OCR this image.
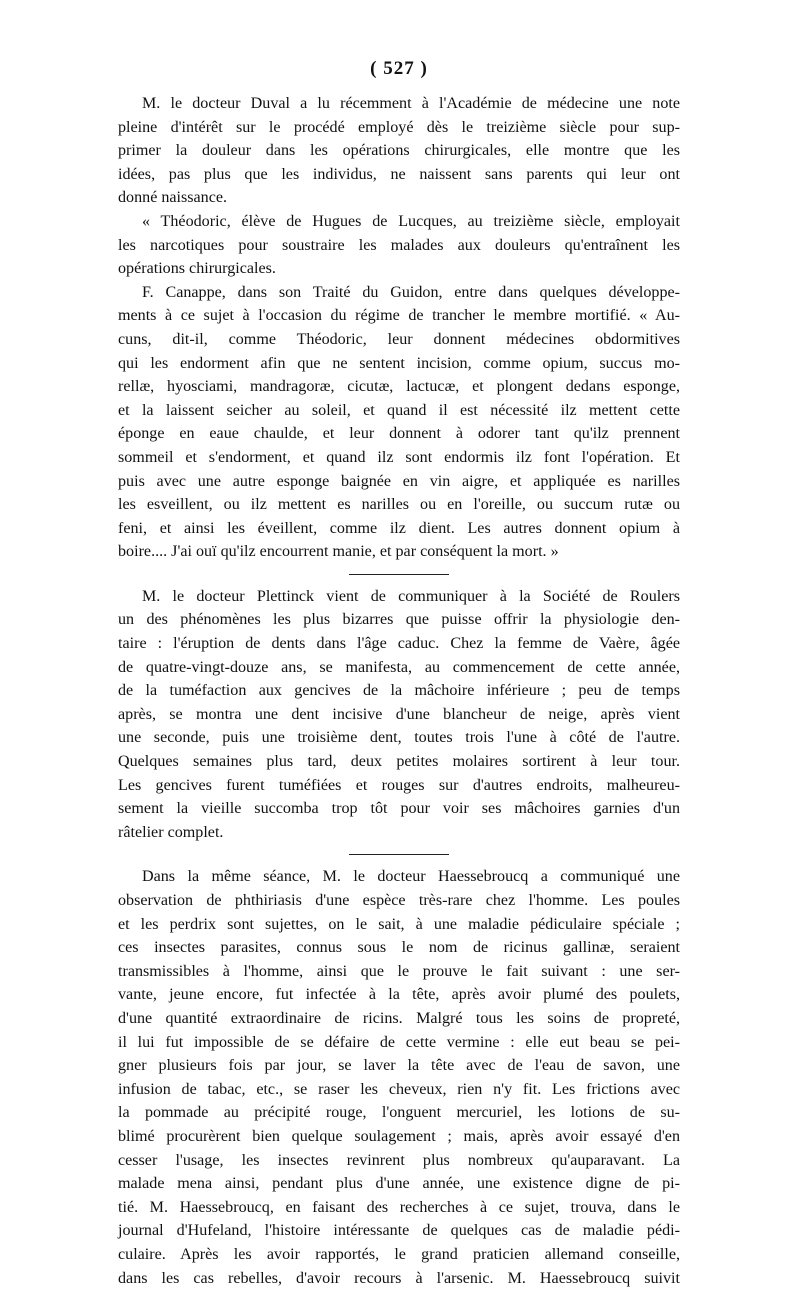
( 527 )

M. le docteur Duval a lu récemment à l'Académie de médecine une note
pleine d'intérêt sur le procédé employé dès le treizième siècle pour sup-
primer la douleur dans les opérations chirurgicales, elle montre que les
idées, pas plus que les individus, ne naissent sans parents qui leur ont
donné naissance.

« Théodoric, élève de Hugues de Lucques, au treizième siècle, employait
les narcotiques pour soustraire les malades aux douleurs qu'entraînent les
opérations chirurgicales.

F. Canappe, dans son Traité du Guidon, entre dans quelques développe-
ments à ce sujet à l'occasion du régime de trancher le membre mortifié. « Au-
cuns, dit-il, comme Théodoric, leur donnent médecines obdormitives
qui les endorment afin que ne sentent incision, comme opium, succus mo-
rellæ, hyosciami, mandragoræ, cicutæ, lactucæ, et plongent dedans esponge,
et la laissent seicher au soleil, et quand il est nécessité ilz mettent cette
éponge en eaue chaulde, et leur donnent à odorer tant qu'ilz prennent
sommeil et s'endorment, et quand ilz sont endormis ilz font l'opération. Et
puis avec une autre esponge baignée en vin aigre, et appliquée es narilles
les esveillent, ou ilz mettent es narilles ou en l'oreille, ou succum rutæ ou
feni, et ainsi les éveillent, comme ilz dient. Les autres donnent opium à
boire.... J'ai ouï qu'ilz encourrent manie, et par conséquent la mort. »

M. le docteur Plettinck vient de communiquer à la Société de Roulers
un des phénomènes les plus bizarres que puisse offrir la physiologie den-
taire : l'éruption de dents dans l'âge caduc. Chez la femme de Vaère, âgée
de quatre-vingt-douze ans, se manifesta, au commencement de cette année,
de la tuméfaction aux gencives de la mâchoire inférieure ; peu de temps
après, se montra une dent incisive d'une blancheur de neige, après vient
une seconde, puis une troisième dent, toutes trois l'une à côté de l'autre.
Quelques semaines plus tard, deux petites molaires sortirent à leur tour.
Les gencives furent tuméfiées et rouges sur d'autres endroits, malheureu-
sement la vieille succomba trop tôt pour voir ses mâchoires garnies d'un
râtelier complet.

Dans la même séance, M. le docteur Haessebroucq a communiqué une
observation de phthiriasis d'une espèce très-rare chez l'homme. Les poules
et les perdrix sont sujettes, on le sait, à une maladie pédiculaire spéciale ;
ces insectes parasites, connus sous le nom de ricinus gallinæ, seraient
transmissibles à l'homme, ainsi que le prouve le fait suivant : une ser-
vante, jeune encore, fut infectée à la tête, après avoir plumé des poulets,
d'une quantité extraordinaire de ricins. Malgré tous les soins de propreté,
il lui fut impossible de se défaire de cette vermine : elle eut beau se pei-
gner plusieurs fois par jour, se laver la tête avec de l'eau de savon, une
infusion de tabac, etc., se raser les cheveux, rien n'y fit. Les frictions avec
la pommade au précipité rouge, l'onguent mercuriel, les lotions de su-
blimé procurèrent bien quelque soulagement ; mais, après avoir essayé d'en
cesser l'usage, les insectes revinrent plus nombreux qu'auparavant. La
malade mena ainsi, pendant plus d'une année, une existence digne de pi-
tié. M. Haessebroucq, en faisant des recherches à ce sujet, trouva, dans le
journal d'Hufeland, l'histoire intéressante de quelques cas de maladie pédi-
culaire. Après les avoir rapportés, le grand praticien allemand conseille,
dans les cas rebelles, d'avoir recours à l'arsenic. M. Haessebroucq suivit
